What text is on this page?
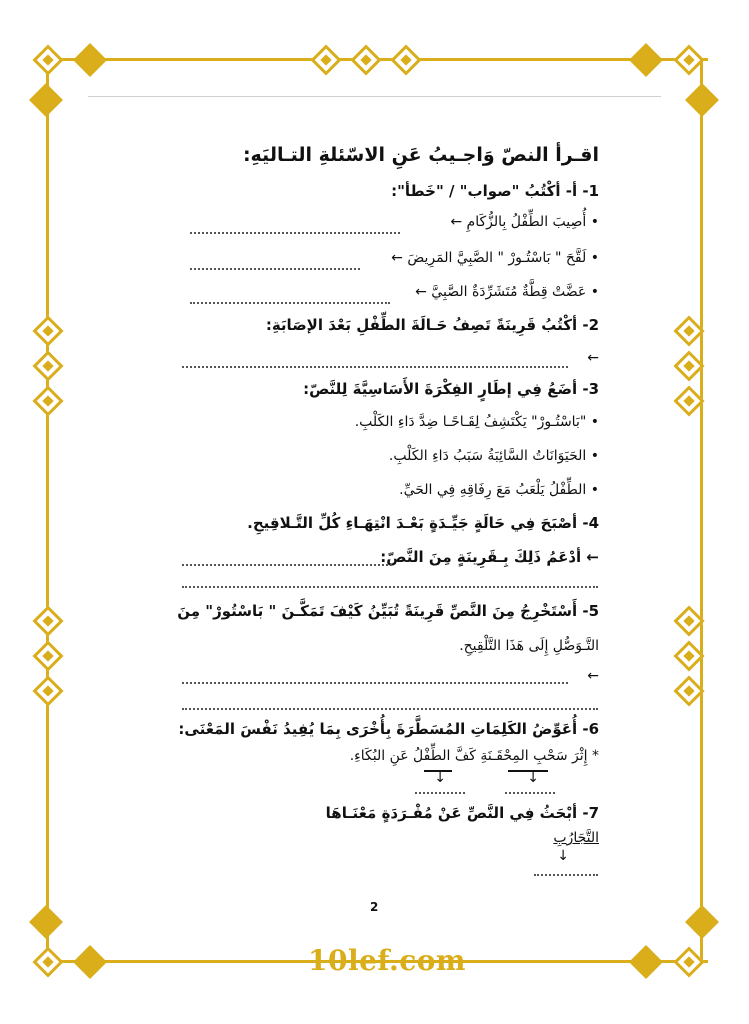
اقـرأ النصّ وَاجـيبُ عَنِ الاسّئلةِ التـاليَهِ:
1- أ- أكْتُبُ "صواب" / "خَطأ":
• أُصِيبَ الطِّفْلُ بِالزُّكَامِ ←
• لَقَّحَ " بَاسْتُـورْ " الصَّبِيَّ المَرِيضَ ←
• عَضَّتْ قِطَّةٌ مُتَشَرِّدَةٌ الصَّبِيَّ ←
2- أكْتُبُ قَرِينَةً تَصِفُ حَـالَةَ الطِّفْلِ بَعْدَ الإصَابَةِ:
←
3- أضَعُ فِي إطَارٍ الفِكْرَةَ الأَسَاسِيَّةَ لِلنَّصّ:
• "بَاسْتُـورْ" يَكْتَشِفُ لِقَـاحًـا ضِدَّ دَاءِ الكَلْبِ.
• الحَيَوَانَاتُ السَّائِبَةُ سَبَبُ دَاءِ الكَلْبِ.
• الطِّفْلُ يَلْعَبُ مَعَ رِفَاقِهِ فِي الحَيِّ.
4- أصْبَحَ فِي حَالَةٍ جَيِّـدَةٍ بَعْـدَ انْتِهَـاءِ كُلِّ التَّـلاقِيحِ.
← أدْعَمُ ذَلِكَ بِـقَرِينَةٍ مِنَ النَّصّ:
5- أَسْتَخْرِجُ مِنَ النَّصِّ قَرِينَةً تُبَيِّنُ كَيْفَ تَمَكَّـنَ " بَاسْتُورْ" مِنَ
التَّـوَصُّلِ إِلَى هَذَا التَّلْقِيحِ.
←
6- أُعَوِّضُ الكَلِمَاتِ المُسَطَّرَةَ بِأُخْرَى بِمَا يُفِيدُ نَفْسَ المَعْنَى:
* إِثْرَ سَحْبِ المِحْقَـنَةِ كَفَّ الطِّفْلُ عَنِ البُكَاءِ.
↓
↓
7- أبْحَثُ فِي النَّصِّ عَنْ مُفْـرَدَةٍ مَعْنَـاهَا
التَّجَارُبِ
↓
2
10lef.com
